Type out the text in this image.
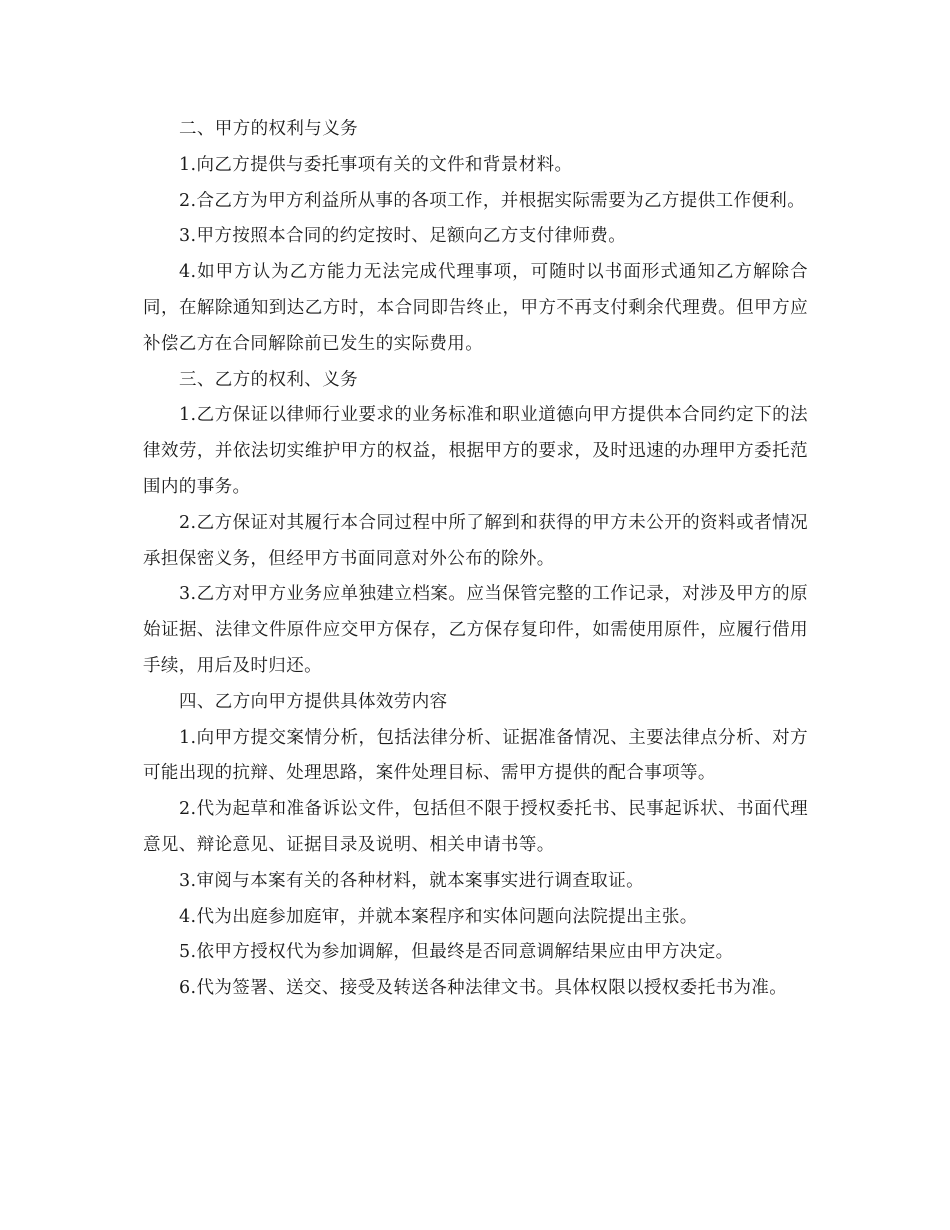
二、甲方的权利与义务

1.向乙方提供与委托事项有关的文件和背景材料。

2.合乙方为甲方利益所从事的各项工作，并根据实际需要为乙方提供工作便利。

3.甲方按照本合同的约定按时、足额向乙方支付律师费。

4.如甲方认为乙方能力无法完成代理事项，可随时以书面形式通知乙方解除合同，在解除通知到达乙方时，本合同即告终止，甲方不再支付剩余代理费。但甲方应补偿乙方在合同解除前已发生的实际费用。

三、乙方的权利、义务

1.乙方保证以律师行业要求的业务标准和职业道德向甲方提供本合同约定下的法律效劳，并依法切实维护甲方的权益，根据甲方的要求，及时迅速的办理甲方委托范围内的事务。

2.乙方保证对其履行本合同过程中所了解到和获得的甲方未公开的资料或者情况承担保密义务，但经甲方书面同意对外公布的除外。

3.乙方对甲方业务应单独建立档案。应当保管完整的工作记录，对涉及甲方的原始证据、法律文件原件应交甲方保存，乙方保存复印件，如需使用原件，应履行借用手续，用后及时归还。

四、乙方向甲方提供具体效劳内容

1.向甲方提交案情分析，包括法律分析、证据准备情况、主要法律点分析、对方可能出现的抗辩、处理思路，案件处理目标、需甲方提供的配合事项等。

2.代为起草和准备诉讼文件，包括但不限于授权委托书、民事起诉状、书面代理意见、辩论意见、证据目录及说明、相关申请书等。

3.审阅与本案有关的各种材料，就本案事实进行调查取证。

4.代为出庭参加庭审，并就本案程序和实体问题向法院提出主张。

5.依甲方授权代为参加调解，但最终是否同意调解结果应由甲方决定。

6.代为签署、送交、接受及转送各种法律文书。具体权限以授权委托书为准。
